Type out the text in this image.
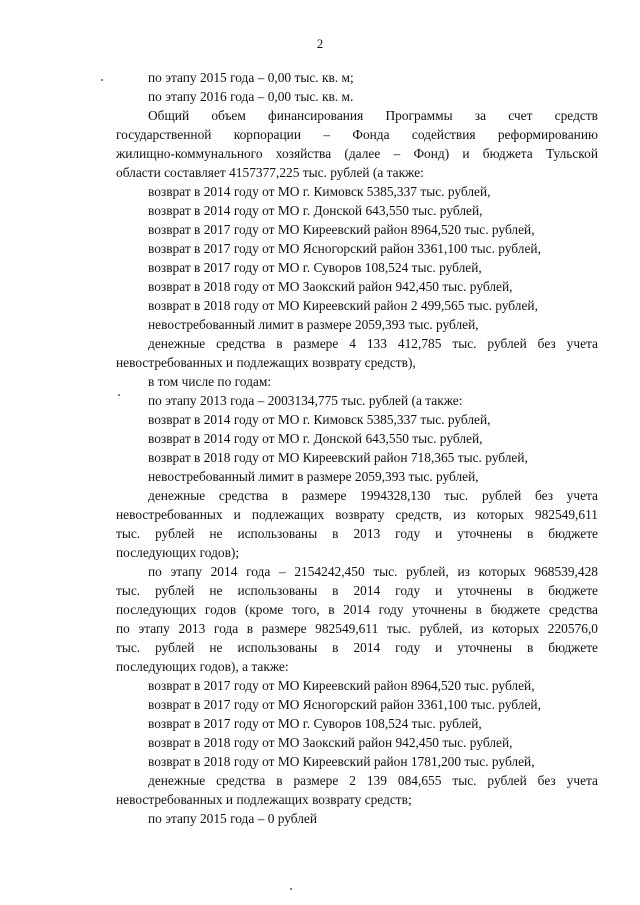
2
по этапу 2015 года – 0,00 тыс. кв. м;
по этапу 2016 года – 0,00 тыс. кв. м.
Общий объем финансирования Программы за счет средств
государственной корпорации – Фонда содействия реформированию
жилищно-коммунального хозяйства (далее – Фонд) и бюджета Тульской
области составляет 4157377,225 тыс. рублей (а также:
возврат в 2014 году от МО г. Кимовск 5385,337 тыс. рублей,
возврат в 2014 году от МО г. Донской 643,550 тыс. рублей,
возврат в 2017 году от МО Киреевский район 8964,520 тыс. рублей,
возврат в 2017 году от МО Ясногорский район 3361,100 тыс. рублей,
возврат в 2017 году от МО г. Суворов 108,524 тыс. рублей,
возврат в 2018 году от МО Заокский район 942,450 тыс. рублей,
возврат в 2018 году от МО Киреевский район 2 499,565 тыс. рублей,
невостребованный лимит в размере 2059,393 тыс. рублей,
денежные средства в размере 4 133 412,785 тыс. рублей без учета
невостребованных и подлежащих возврату средств),
в том числе по годам:
по этапу 2013 года – 2003134,775 тыс. рублей (а также:
возврат в 2014 году от МО г. Кимовск 5385,337 тыс. рублей,
возврат в 2014 году от МО г. Донской 643,550 тыс. рублей,
возврат в 2018 году от МО Киреевский район 718,365 тыс. рублей,
невостребованный лимит в размере 2059,393 тыс. рублей,
денежные средства в размере 1994328,130 тыс. рублей без учета
невостребованных и подлежащих возврату средств, из которых 982549,611
тыс. рублей не использованы в 2013 году и уточнены в бюджете
последующих годов);
по этапу 2014 года – 2154242,450 тыс. рублей, из которых 968539,428
тыс. рублей не использованы в 2014 году и уточнены в бюджете
последующих годов (кроме того, в 2014 году уточнены в бюджете средства
по этапу 2013 года в размере 982549,611 тыс. рублей, из которых 220576,0
тыс. рублей не использованы в 2014 году и уточнены в бюджете
последующих годов), а также:
возврат в 2017 году от МО Киреевский район 8964,520 тыс. рублей,
возврат в 2017 году от МО Ясногорский район 3361,100 тыс. рублей,
возврат в 2017 году от МО г. Суворов 108,524 тыс. рублей,
возврат в 2018 году от МО Заокский район 942,450 тыс. рублей,
возврат в 2018 году от МО Киреевский район 1781,200 тыс. рублей,
денежные средства в размере 2 139 084,655 тыс. рублей без учета
невостребованных и подлежащих возврату средств;
по этапу 2015 года – 0 рублей
